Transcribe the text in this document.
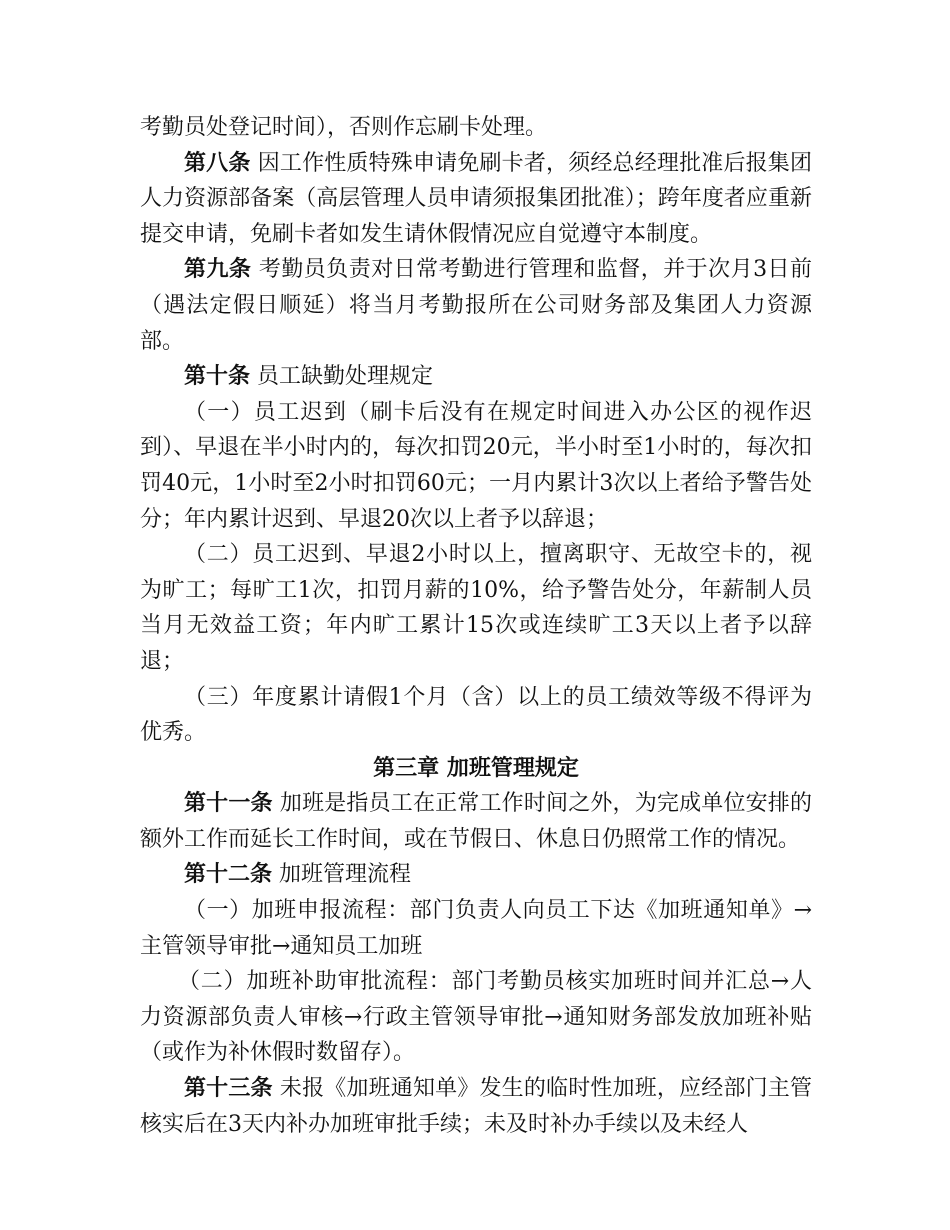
考勤员处登记时间），否则作忘刷卡处理。

第八条 因工作性质特殊申请免刷卡者，须经总经理批准后报集团人力资源部备案（高层管理人员申请须报集团批准）；跨年度者应重新提交申请，免刷卡者如发生请休假情况应自觉遵守本制度。

第九条 考勤员负责对日常考勤进行管理和监督，并于次月3日前（遇法定假日顺延）将当月考勤报所在公司财务部及集团人力资源部。

第十条 员工缺勤处理规定

（一）员工迟到（刷卡后没有在规定时间进入办公区的视作迟到）、早退在半小时内的，每次扣罚20元，半小时至1小时的，每次扣罚40元，1小时至2小时扣罚60元；一月内累计3次以上者给予警告处分；年内累计迟到、早退20次以上者予以辞退；

（二）员工迟到、早退2小时以上，擅离职守、无故空卡的，视为旷工；每旷工1次，扣罚月薪的10%，给予警告处分，年薪制人员当月无效益工资；年内旷工累计15次或连续旷工3天以上者予以辞退；

（三）年度累计请假1个月（含）以上的员工绩效等级不得评为优秀。

第三章 加班管理规定

第十一条 加班是指员工在正常工作时间之外，为完成单位安排的额外工作而延长工作时间，或在节假日、休息日仍照常工作的情况。

第十二条 加班管理流程

（一）加班申报流程：部门负责人向员工下达《加班通知单》→主管领导审批→通知员工加班

（二）加班补助审批流程：部门考勤员核实加班时间并汇总→人力资源部负责人审核→行政主管领导审批→通知财务部发放加班补贴（或作为补休假时数留存）。

第十三条 未报《加班通知单》发生的临时性加班，应经部门主管核实后在3天内补办加班审批手续；未及时补办手续以及未经人
